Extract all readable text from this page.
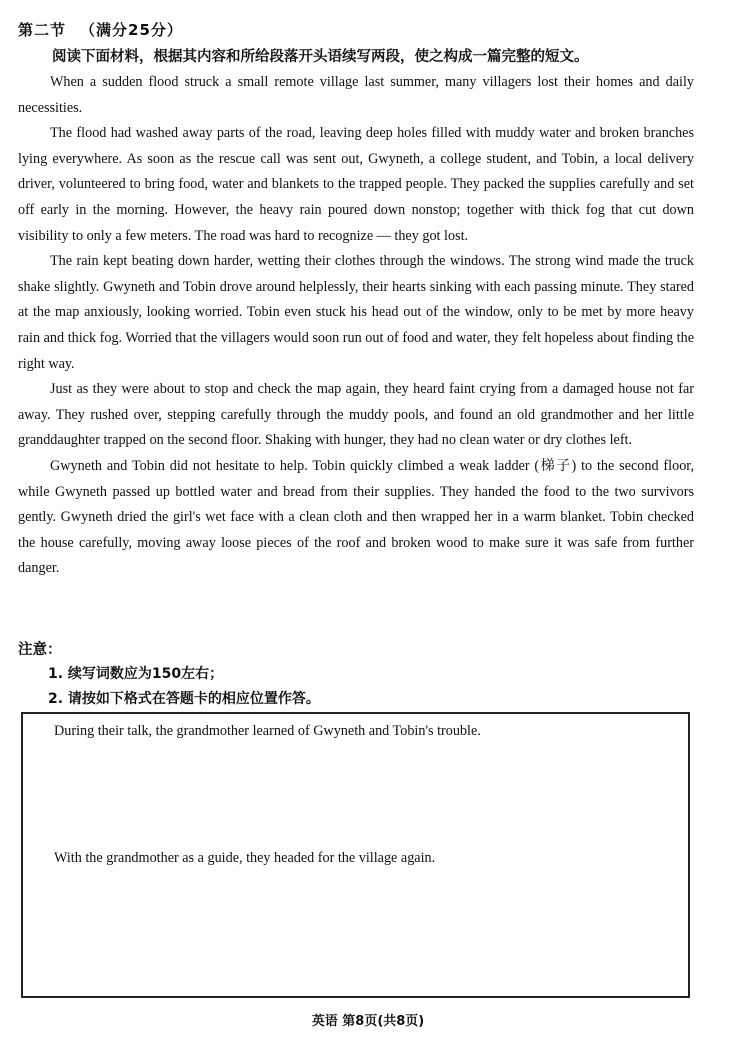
第二节 （满分25分）
阅读下面材料，根据其内容和所给段落开头语续写两段，使之构成一篇完整的短文。

When a sudden flood struck a small remote village last summer, many villagers lost their homes and daily necessities.

The flood had washed away parts of the road, leaving deep holes filled with muddy water and broken branches lying everywhere. As soon as the rescue call was sent out, Gwyneth, a college student, and Tobin, a local delivery driver, volunteered to bring food, water and blankets to the trapped people. They packed the supplies carefully and set off early in the morning. However, the heavy rain poured down nonstop; together with thick fog that cut down visibility to only a few meters. The road was hard to recognize — they got lost.

The rain kept beating down harder, wetting their clothes through the windows. The strong wind made the truck shake slightly. Gwyneth and Tobin drove around helplessly, their hearts sinking with each passing minute. They stared at the map anxiously, looking worried. Tobin even stuck his head out of the window, only to be met by more heavy rain and thick fog. Worried that the villagers would soon run out of food and water, they felt hopeless about finding the right way.

Just as they were about to stop and check the map again, they heard faint crying from a damaged house not far away. They rushed over, stepping carefully through the muddy pools, and found an old grandmother and her little granddaughter trapped on the second floor. Shaking with hunger, they had no clean water or dry clothes left.

Gwyneth and Tobin did not hesitate to help. Tobin quickly climbed a weak ladder (梯子) to the second floor, while Gwyneth passed up bottled water and bread from their supplies. They handed the food to the two survivors gently. Gwyneth dried the girl's wet face with a clean cloth and then wrapped her in a warm blanket. Tobin checked the house carefully, moving away loose pieces of the roof and broken wood to make sure it was safe from further danger.

注意：
1. 续写词数应为150左右；
2. 请按如下格式在答题卡的相应位置作答。
During their talk, the grandmother learned of Gwyneth and Tobin's trouble.
With the grandmother as a guide, they headed for the village again.
英语 第8页(共8页)
